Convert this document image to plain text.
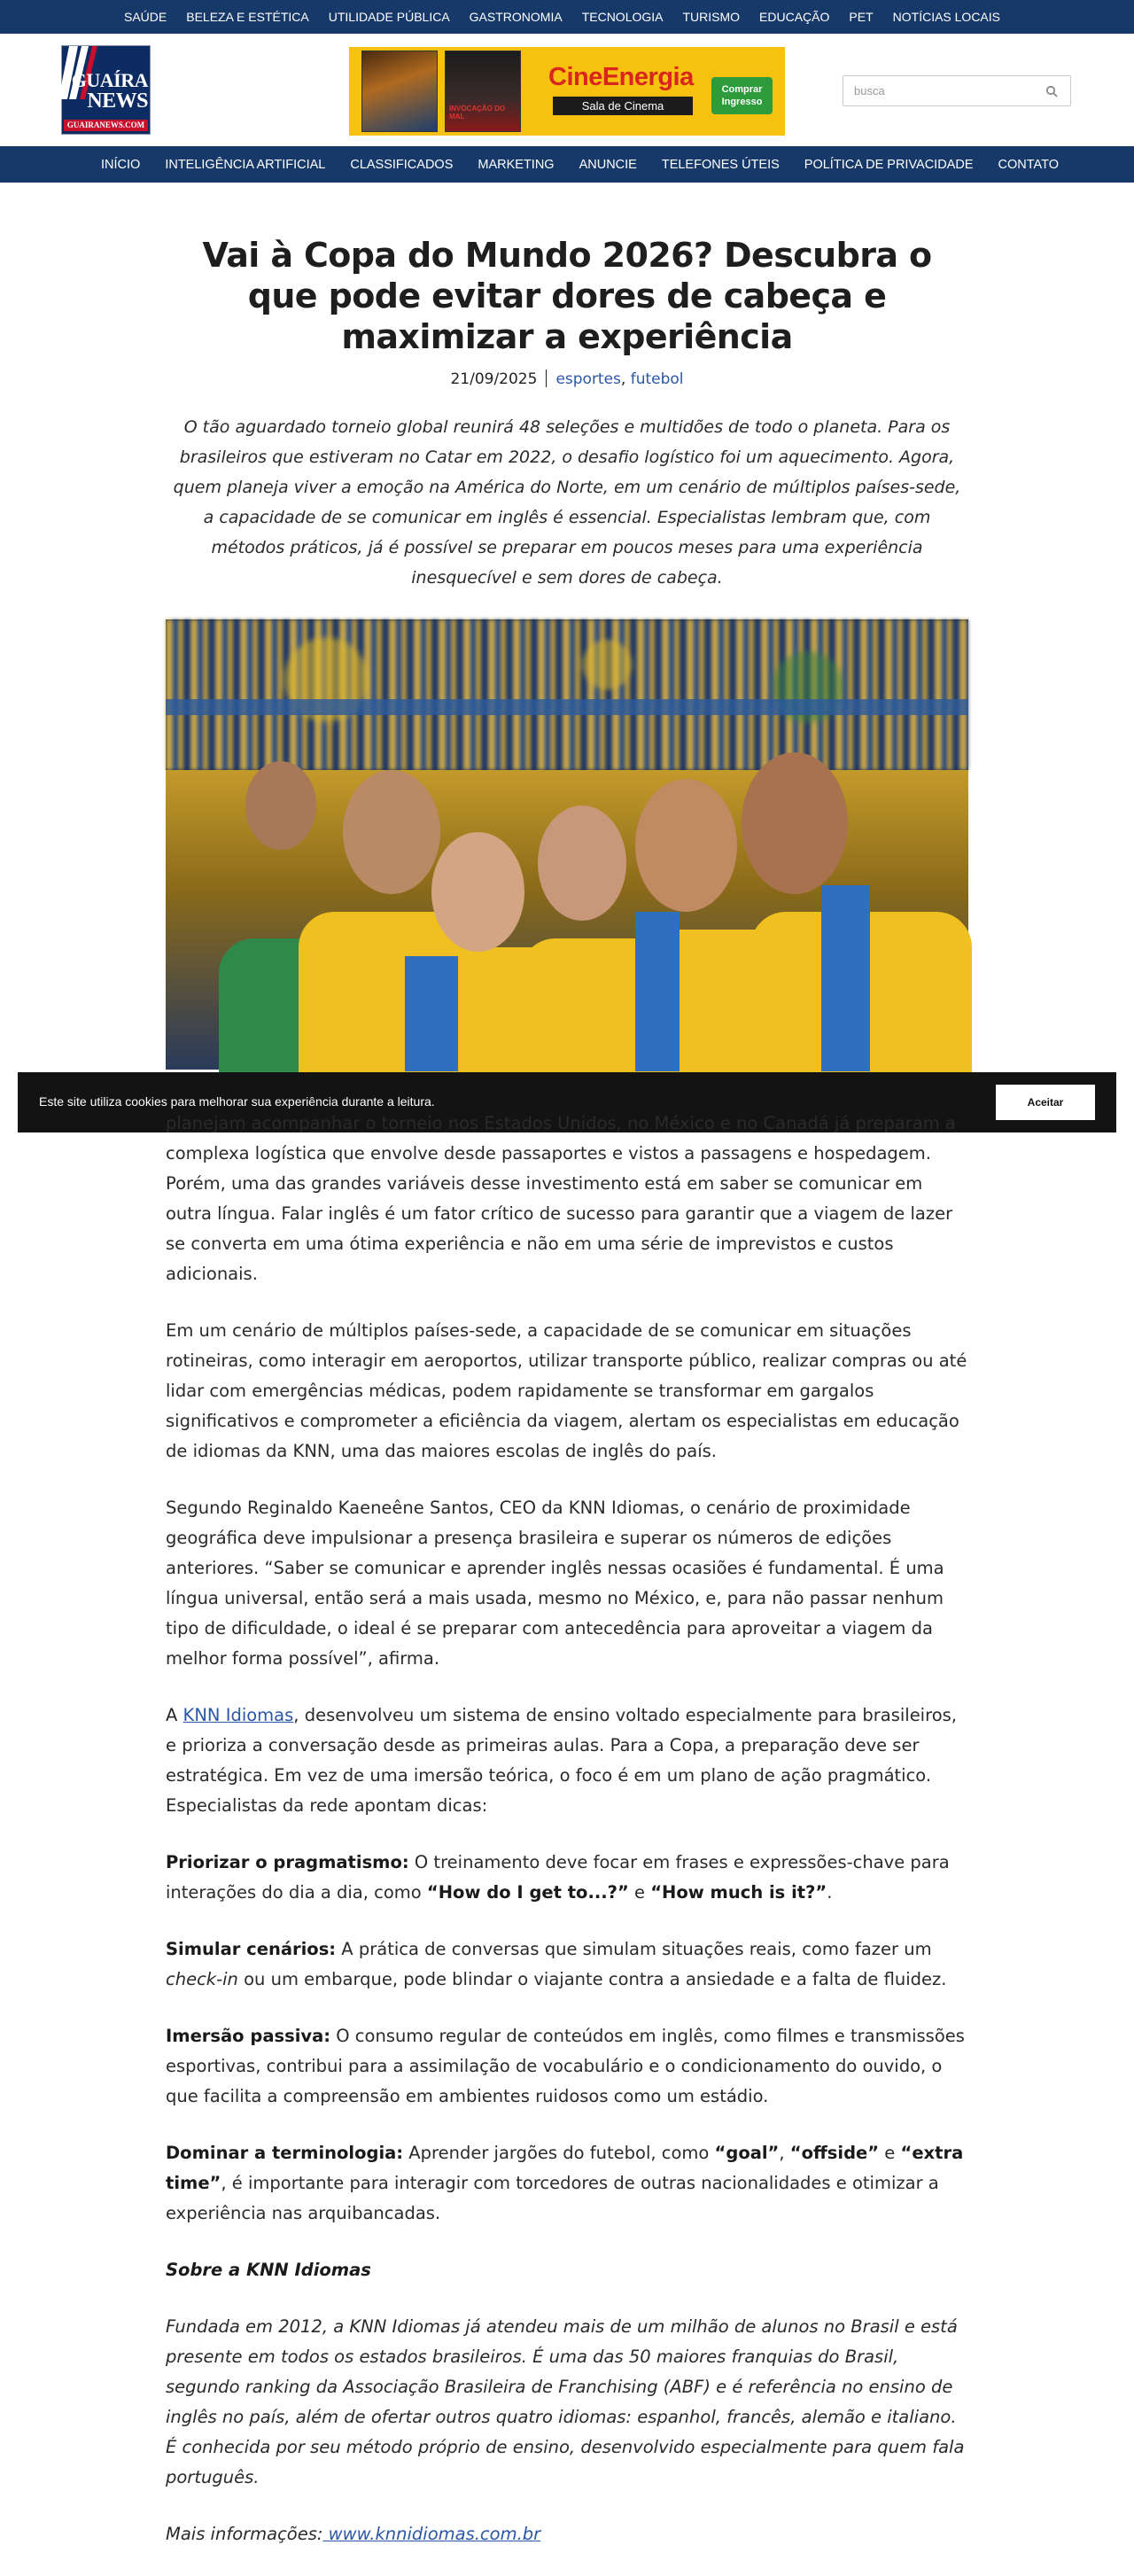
SAÚDE BELEZA E ESTÉTICA UTILIDADE PÚBLICA GASTRONOMIA TECNOLOGIA TURISMO EDUCAÇÃO PET NOTÍCIAS LOCAIS
GUAÍRA
NEWS
GUAIRANEWS.COM
INVOCAÇÃO DO MAL
CineEnergia
Sala de Cinema
Comprar Ingresso
busca
INÍCIO INTELIGÊNCIA ARTIFICIAL CLASSIFICADOS MARKETING ANUNCIE TELEFONES ÚTEIS POLÍTICA DE PRIVACIDADE CONTATO
Vai à Copa do Mundo 2026? Descubra o que pode evitar dores de cabeça e maximizar a experiência
21/09/2025 esportes, futebol

O tão aguardado torneio global reunirá 48 seleções e multidões de todo o planeta. Para os brasileiros que estiveram no Catar em 2022, o desafio logístico foi um aquecimento. Agora, quem planeja viver a emoção na América do Norte, em um cenário de múltiplos países-sede, a capacidade de se comunicar em inglês é essencial. Especialistas lembram que, com métodos práticos, já é possível se preparar em poucos meses para uma experiência inesquecível e sem dores de cabeça.

Este site utiliza cookies para melhorar sua experiência durante a leitura.	Aceitar

planejam acompanhar o torneio nos Estados Unidos, no México e no Canadá já preparam a complexa logística que envolve desde passaportes e vistos a passagens e hospedagem. Porém, uma das grandes variáveis desse investimento está em saber se comunicar em outra língua. Falar inglês é um fator crítico de sucesso para garantir que a viagem de lazer se converta em uma ótima experiência e não em uma série de imprevistos e custos adicionais.

Em um cenário de múltiplos países-sede, a capacidade de se comunicar em situações rotineiras, como interagir em aeroportos, utilizar transporte público, realizar compras ou até lidar com emergências médicas, podem rapidamente se transformar em gargalos significativos e comprometer a eficiência da viagem, alertam os especialistas em educação de idiomas da KNN, uma das maiores escolas de inglês do país.

Segundo Reginaldo Kaeneêne Santos, CEO da KNN Idiomas, o cenário de proximidade geográfica deve impulsionar a presença brasileira e superar os números de edições anteriores. “Saber se comunicar e aprender inglês nessas ocasiões é fundamental. É uma língua universal, então será a mais usada, mesmo no México, e, para não passar nenhum tipo de dificuldade, o ideal é se preparar com antecedência para aproveitar a viagem da melhor forma possível”, afirma.

A KNN Idiomas, desenvolveu um sistema de ensino voltado especialmente para brasileiros, e prioriza a conversação desde as primeiras aulas. Para a Copa, a preparação deve ser estratégica. Em vez de uma imersão teórica, o foco é em um plano de ação pragmático. Especialistas da rede apontam dicas:

Priorizar o pragmatismo: O treinamento deve focar em frases e expressões-chave para interações do dia a dia, como “How do I get to...?” e “How much is it?”.

Simular cenários: A prática de conversas que simulam situações reais, como fazer um check-in ou um embarque, pode blindar o viajante contra a ansiedade e a falta de fluidez.

Imersão passiva: O consumo regular de conteúdos em inglês, como filmes e transmissões esportivas, contribui para a assimilação de vocabulário e o condicionamento do ouvido, o que facilita a compreensão em ambientes ruidosos como um estádio.

Dominar a terminologia: Aprender jargões do futebol, como “goal”, “offside” e “extra time”, é importante para interagir com torcedores de outras nacionalidades e otimizar a experiência nas arquibancadas.

Sobre a KNN Idiomas

Fundada em 2012, a KNN Idiomas já atendeu mais de um milhão de alunos no Brasil e está presente em todos os estados brasileiros. É uma das 50 maiores franquias do Brasil, segundo ranking da Associação Brasileira de Franchising (ABF) e é referência no ensino de inglês no país, além de ofertar outros quatro idiomas: espanhol, francês, alemão e italiano. É conhecida por seu método próprio de ensino, desenvolvido especialmente para quem fala português.

Mais informações: www.knnidiomas.com.br
